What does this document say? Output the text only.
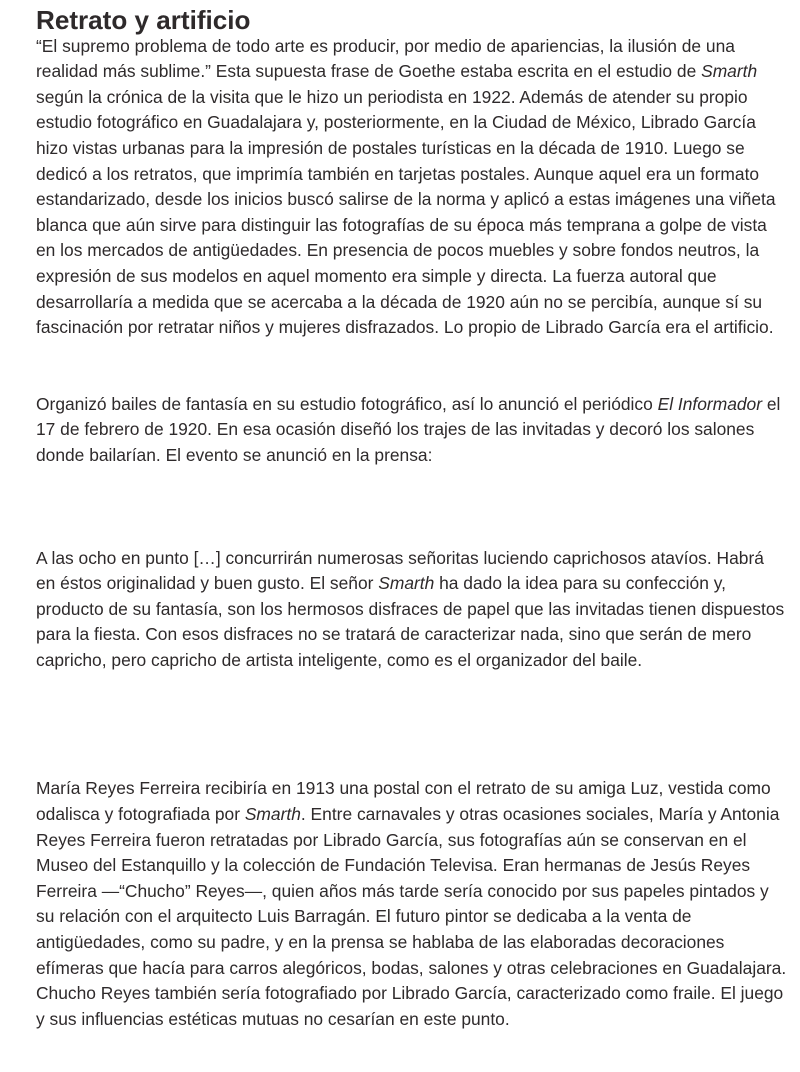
Retrato y artificio

“El supremo problema de todo arte es producir, por medio de apariencias, la ilusión de una realidad más sublime.” Esta supuesta frase de Goethe estaba escrita en el estudio de Smarth según la crónica de la visita que le hizo un periodista en 1922. Además de atender su propio estudio fotográfico en Guadalajara y, posteriormente, en la Ciudad de México, Librado García hizo vistas urbanas para la impresión de postales turísticas en la década de 1910. Luego se dedicó a los retratos, que imprimía también en tarjetas postales. Aunque aquel era un formato estandarizado, desde los inicios buscó salirse de la norma y aplicó a estas imágenes una viñeta blanca que aún sirve para distinguir las fotografías de su época más temprana a golpe de vista en los mercados de antigüedades. En presencia de pocos muebles y sobre fondos neutros, la expresión de sus modelos en aquel momento era simple y directa. La fuerza autoral que desarrollaría a medida que se acercaba a la década de 1920 aún no se percibía, aunque sí su fascinación por retratar niños y mujeres disfrazados. Lo propio de Librado García era el artificio.

Organizó bailes de fantasía en su estudio fotográfico, así lo anunció el periódico El Informador el 17 de febrero de 1920. En esa ocasión diseñó los trajes de las invitadas y decoró los salones donde bailarían. El evento se anunció en la prensa:

A las ocho en punto […] concurrirán numerosas señoritas luciendo caprichosos atavíos. Habrá en éstos originalidad y buen gusto. El señor Smarth ha dado la idea para su confección y, producto de su fantasía, son los hermosos disfraces de papel que las invitadas tienen dispuestos para la fiesta. Con esos disfraces no se tratará de caracterizar nada, sino que serán de mero capricho, pero capricho de artista inteligente, como es el organizador del baile.

María Reyes Ferreira recibiría en 1913 una postal con el retrato de su amiga Luz, vestida como odalisca y fotografiada por Smarth. Entre carnavales y otras ocasiones sociales, María y Antonia Reyes Ferreira fueron retratadas por Librado García, sus fotografías aún se conservan en el Museo del Estanquillo y la colección de Fundación Televisa. Eran hermanas de Jesús Reyes Ferreira —“Chucho” Reyes—, quien años más tarde sería conocido por sus papeles pintados y su relación con el arquitecto Luis Barragán. El futuro pintor se dedicaba a la venta de antigüedades, como su padre, y en la prensa se hablaba de las elaboradas decoraciones efímeras que hacía para carros alegóricos, bodas, salones y otras celebraciones en Guadalajara. Chucho Reyes también sería fotografiado por Librado García, caracterizado como fraile. El juego y sus influencias estéticas mutuas no cesarían en este punto.
